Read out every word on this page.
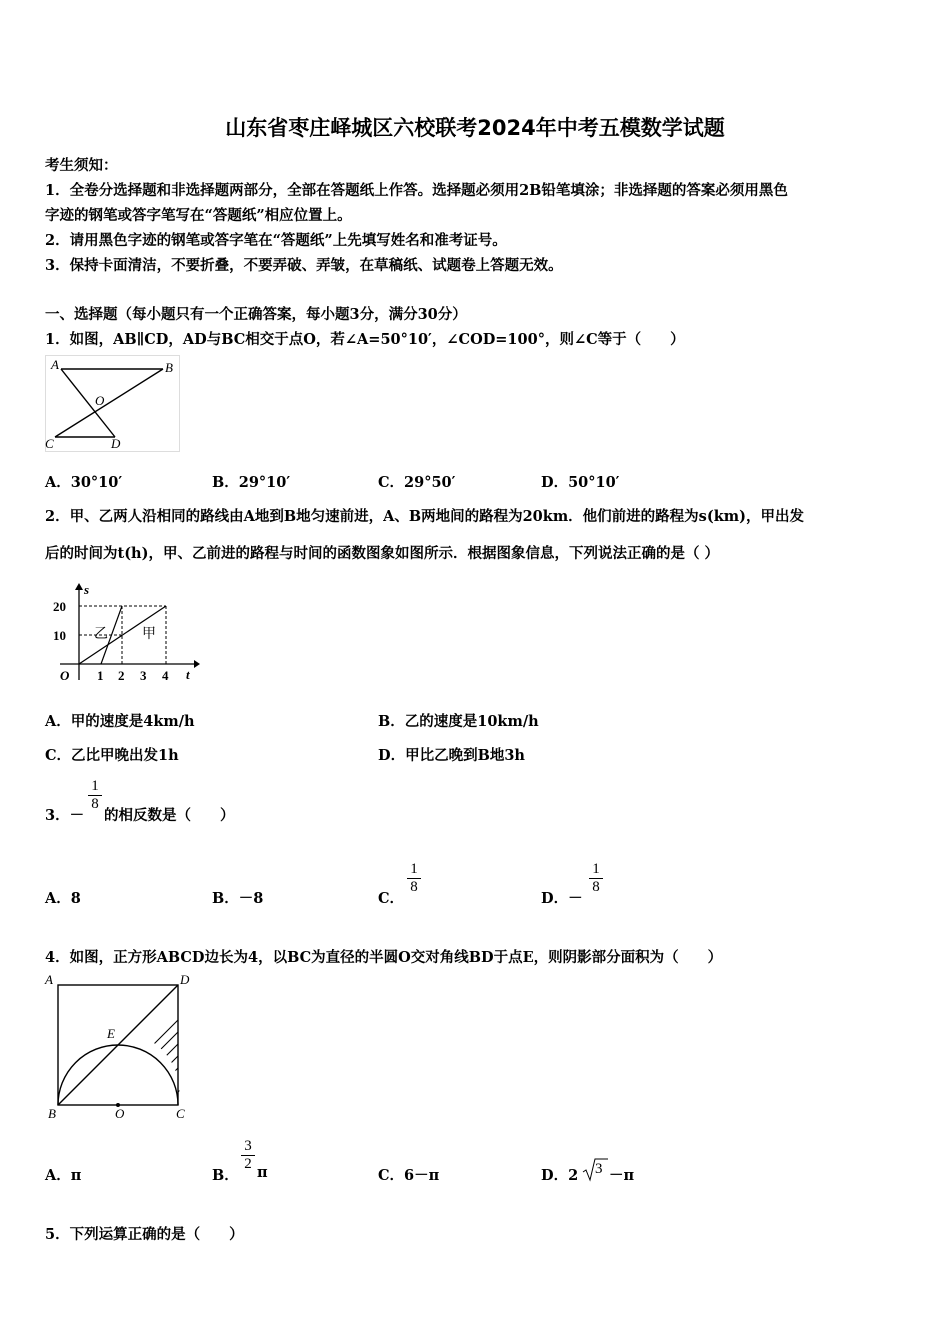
山东省枣庄峄城区六校联考2024年中考五模数学试题
考生须知：
1．全卷分选择题和非选择题两部分，全部在答题纸上作答。选择题必须用2B铅笔填涂；非选择题的答案必须用黑色
字迹的钢笔或答字笔写在“答题纸”相应位置上。
2．请用黑色字迹的钢笔或答字笔在“答题纸”上先填写姓名和准考证号。
3．保持卡面清洁，不要折叠，不要弄破、弄皱，在草稿纸、试题卷上答题无效。
一、选择题（每小题只有一个正确答案，每小题3分，满分30分）
1．如图，AB∥CD，AD与BC相交于点O，若∠A=50°10′，∠COD=100°，则∠C等于（　　）
A	B
O
C	D
A．30°10′	B．29°10′	C．29°50′	D．50°10′
2．甲、乙两人沿相同的路线由A地到B地匀速前进，A、B两地间的路程为20km．他们前进的路程为s(km)，甲出发
后的时间为t(h)，甲、乙前进的路程与时间的函数图象如图所示．根据图象信息，下列说法正确的是（ ）
s
t
O
20
10
1 2 3 4
乙 甲
A．甲的速度是4km/h	B．乙的速度是10km/h
C．乙比甲晚出发1h	D．甲比乙晚到B地3h
3．－
1
8
的相反数是（　　）
A．8	B．－8	C．
1
8
D．－
1
8
4．如图，正方形ABCD边长为4，以BC为直径的半圆O交对角线BD于点E，则阴影部分面积为（　　）
A	D
E
B	O	C
A．π	B．
3
2 π	C．6－π	D．2 3 －π
5．下列运算正确的是（　　）
